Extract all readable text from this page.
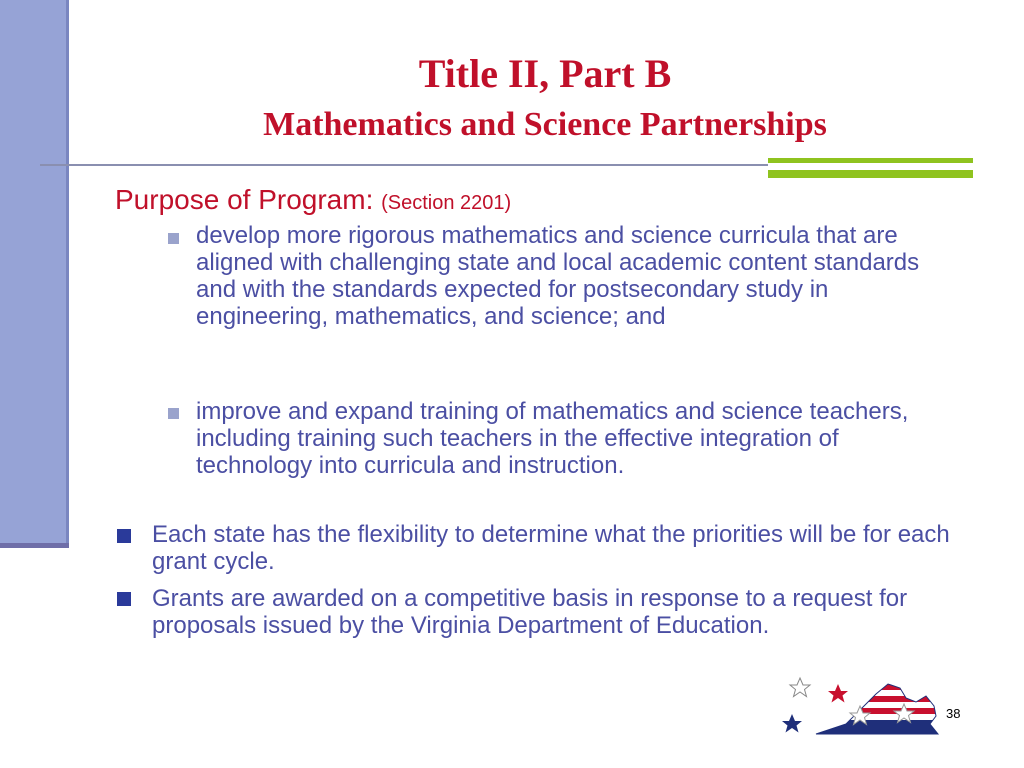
Title II, Part B
Mathematics and Science Partnerships
Purpose of Program: (Section 2201)
develop more rigorous mathematics and science curricula that are aligned with challenging state and local academic content standards and with the standards expected for postsecondary study in engineering, mathematics, and science; and
improve and expand training of mathematics and science teachers, including training such teachers in the effective integration of technology into curricula and instruction.
Each state has the flexibility to determine what the priorities will be for each grant cycle.
Grants are awarded on a competitive basis in response to a request for proposals issued by the Virginia Department of Education.
38
